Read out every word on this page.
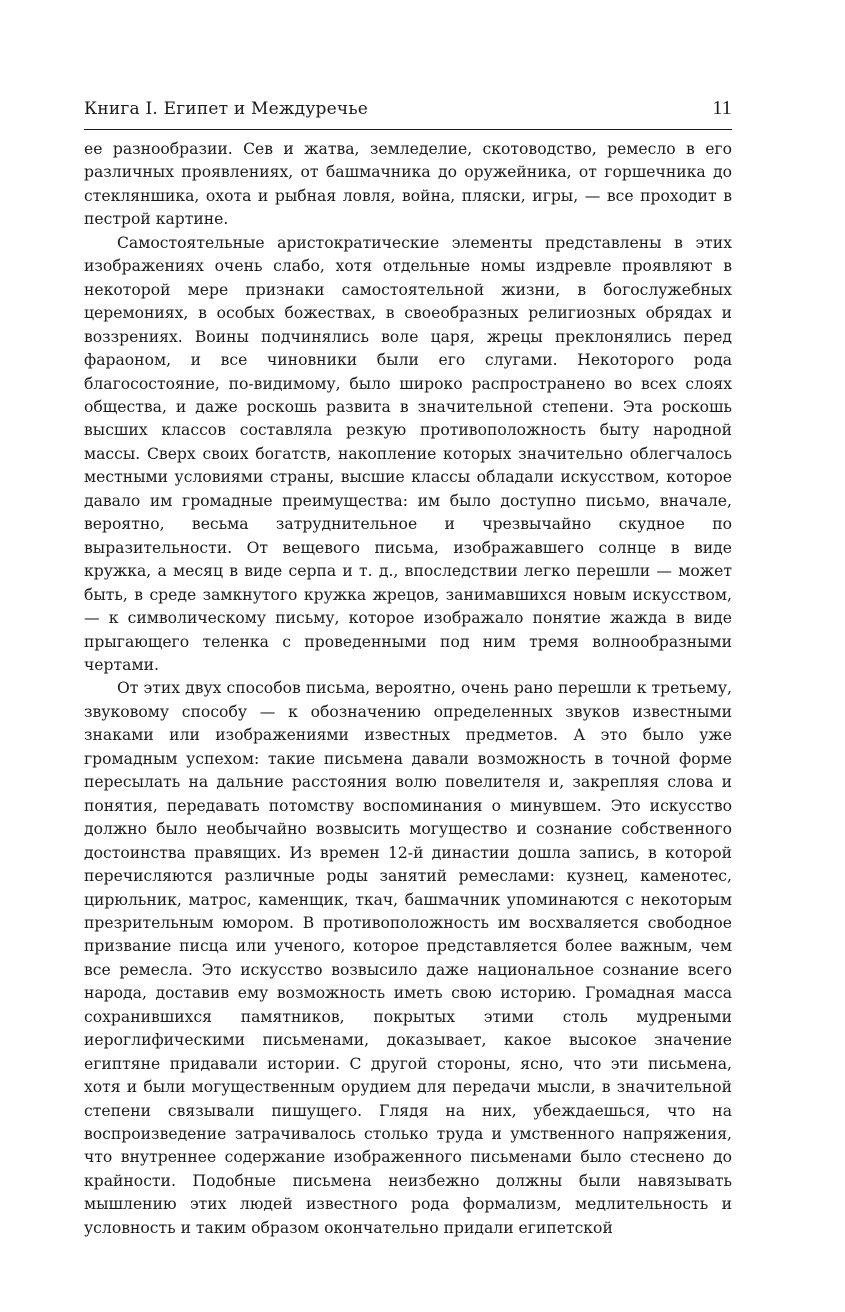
Книга I. Египет и Междуречье	11

ее разнообразии. Сев и жатва, земледелие, скотоводство, ремесло в его различных проявлениях, от башмачника до оружейника, от горшечника до стекляншика, охота и рыбная ловля, война, пляски, игры, — все проходит в пестрой картине.

Самостоятельные аристократические элементы представлены в этих изображениях очень слабо, хотя отдельные номы издревле проявляют в некоторой мере признаки самостоятельной жизни, в богослужебных церемониях, в особых божествах, в своеобразных религиозных обрядах и воззрениях. Воины подчинялись воле царя, жрецы преклонялись перед фараоном, и все чиновники были его слугами. Некоторого рода благосостояние, по-видимому, было широко распространено во всех слоях общества, и даже роскошь развита в значительной степени. Эта роскошь высших классов составляла резкую противоположность быту народной массы. Сверх своих богатств, накопление которых значительно облегчалось местными условиями страны, высшие классы обладали искусством, которое давало им громадные преимущества: им было доступно письмо, вначале, вероятно, весьма затруднительное и чрезвычайно скудное по выразительности. От вещевого письма, изображавшего солнце в виде кружка, а месяц в виде серпа и т. д., впоследствии легко перешли — может быть, в среде замкнутого кружка жрецов, занимавшихся новым искусством, — к символическому письму, которое изображало понятие жажда в виде прыгающего теленка с проведенными под ним тремя волнообразными чертами.

От этих двух способов письма, вероятно, очень рано перешли к третьему, звуковому способу — к обозначению определенных звуков известными знаками или изображениями известных предметов. А это было уже громадным успехом: такие письмена давали возможность в точной форме пересылать на дальние расстояния волю повелителя и, закрепляя слова и понятия, передавать потомству воспоминания о минувшем. Это искусство должно было необычайно возвысить могущество и сознание собственного достоинства правящих. Из времен 12-й династии дошла запись, в которой перечисляются различные роды занятий ремеслами: кузнец, каменотес, цирюльник, матрос, каменщик, ткач, башмачник упоминаются с некоторым презрительным юмором. В противоположность им восхваляется свободное призвание писца или ученого, которое представляется более важным, чем все ремесла. Это искусство возвысило даже национальное сознание всего народа, доставив ему возможность иметь свою историю. Громадная масса сохранившихся памятников, покрытых этими столь мудреными иероглифическими письменами, доказывает, какое высокое значение египтяне придавали истории. С другой стороны, ясно, что эти письмена, хотя и были могущественным орудием для передачи мысли, в значительной степени связывали пишущего. Глядя на них, убеждаешься, что на воспроизведение затрачивалось столько труда и умственного напряжения, что внутреннее содержание изображенного письменами было стеснено до крайности. Подобные письмена неизбежно должны были навязывать мышлению этих людей известного рода формализм, медлительность и условность и таким образом окончательно придали египетской
